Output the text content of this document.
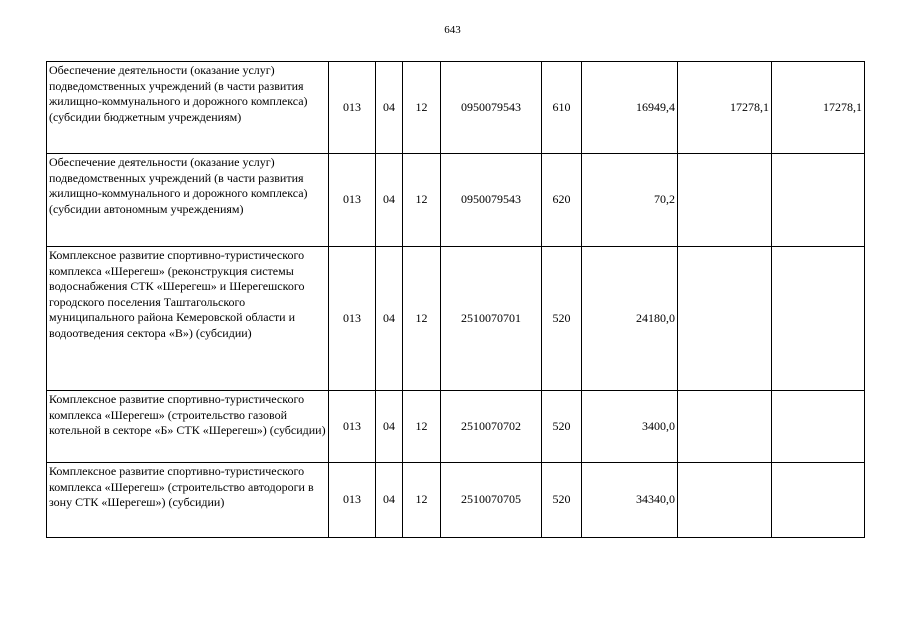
643
Обеспечение деятельности (оказание услуг) подведомственных учреждений (в части развития жилищно-коммунального и дорожного комплекса) (субсидии бюджетным учреждениям)	013	04	12	0950079543	610	16949,4	17278,1	17278,1
Обеспечение деятельности (оказание услуг) подведомственных учреждений (в части развития жилищно-коммунального и дорожного комплекса) (субсидии автономным учреждениям)	013	04	12	0950079543	620	70,2		
Комплексное развитие спортивно-туристического комплекса «Шерегеш» (реконструкция системы водоснабжения СТК «Шерегеш» и Шерегешского городского поселения Таштагольского муниципального района Кемеровской области и водоотведения сектора «В») (субсидии)	013	04	12	2510070701	520	24180,0		
Комплексное развитие спортивно-туристического комплекса «Шерегеш» (строительство газовой котельной в секторе «Б» СТК «Шерегеш») (субсидии)	013	04	12	2510070702	520	3400,0		
Комплексное развитие спортивно-туристического комплекса «Шерегеш» (строительство автодороги в зону СТК «Шерегеш») (субсидии)	013	04	12	2510070705	520	34340,0		
